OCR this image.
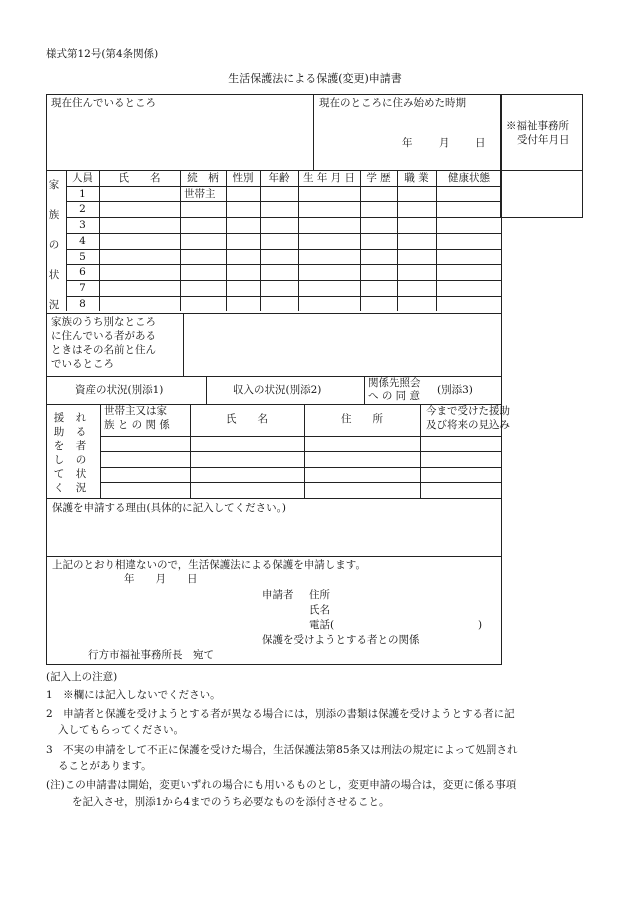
様式第12号(第4条関係)
生活保護法による保護(変更)申請書
※福祉事務所
受付年月日
現在住んでいるところ	現在のところに住み始めた時期
年	月 日
家
族
の
状
況
人員	氏　　名	続　柄	性別	年齢	生 年 月 日	学 歴	職 業	健康状態
1	世帯主
2
3
4
5
6
7
8
家族のうち別なところ
に住んでいる者がある
ときはその名前と住ん
でいるところ
資産の状況(別添1)	収入の状況(別添2)
関係先照会
へ の 同 意 (別添3)
援
助
を
し
て
く
れ
る
者
の
状
況
世帯主又は家
族 と の 関 係	氏　　名	住　　所
今まで受けた援助
及び将来の見込み
保護を申請する理由(具体的に記入してください。)
上記のとおり相違ないので，生活保護法による保護を申請します。
年　　月　　日
申請者 住所
氏名
電話(	)
保護を受けようとする者との関係
行方市福祉事務所長　宛て
(記入上の注意)
1　※欄には記入しないでください。
2　申請者と保護を受けようとする者が異なる場合には，別添の書類は保護を受けようとする者に記
入してもらってください。
3　不実の申請をして不正に保護を受けた場合，生活保護法第85条又は刑法の規定によって処罰され
ることがあります。
(注)この申請書は開始，変更いずれの場合にも用いるものとし，変更申請の場合は，変更に係る事項
を記入させ，別添1から4までのうち必要なものを添付させること。
